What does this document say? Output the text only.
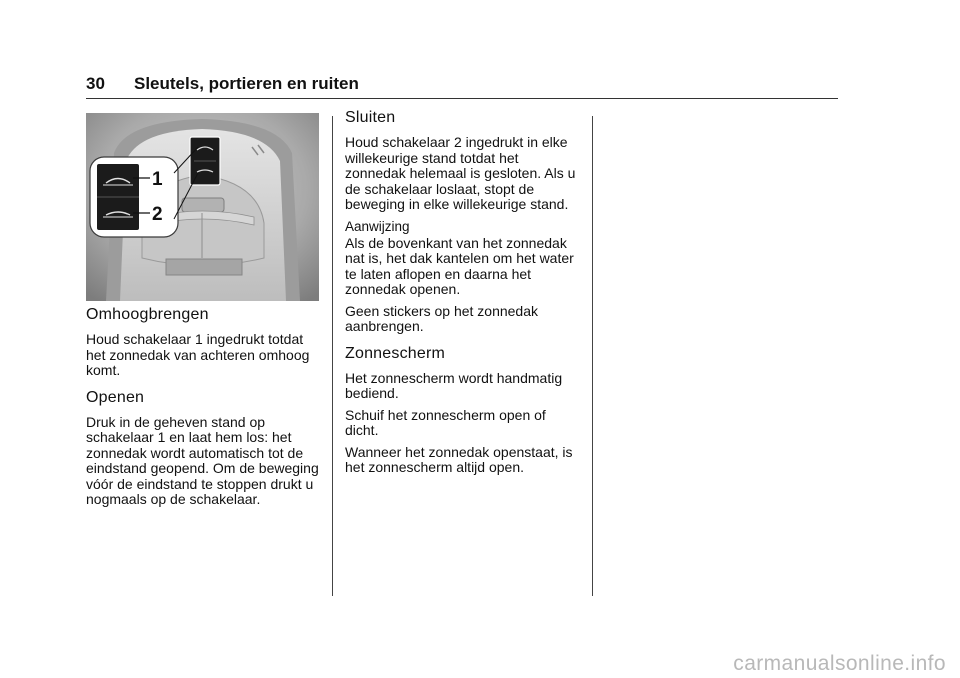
30 Sleutels, portieren en ruiten
1
2
Omhoogbrengen

Houd schakelaar 1 ingedrukt totdat het zonnedak van achteren omhoog komt.

Openen

Druk in de geheven stand op schakelaar 1 en laat hem los: het zonnedak wordt automatisch tot de eindstand geopend. Om de beweging vóór de eindstand te stoppen drukt u nogmaals op de schakelaar.

Sluiten

Houd schakelaar 2 ingedrukt in elke willekeurige stand totdat het zonnedak helemaal is gesloten. Als u de schakelaar loslaat, stopt de beweging in elke willekeurige stand.

Aanwijzing

Als de bovenkant van het zonnedak nat is, het dak kantelen om het water te laten aflopen en daarna het zonnedak openen.

Geen stickers op het zonnedak aanbrengen.

Zonnescherm

Het zonnescherm wordt handmatig bediend.

Schuif het zonnescherm open of dicht.

Wanneer het zonnedak openstaat, is het zonnescherm altijd open.

carmanualsonline.info
